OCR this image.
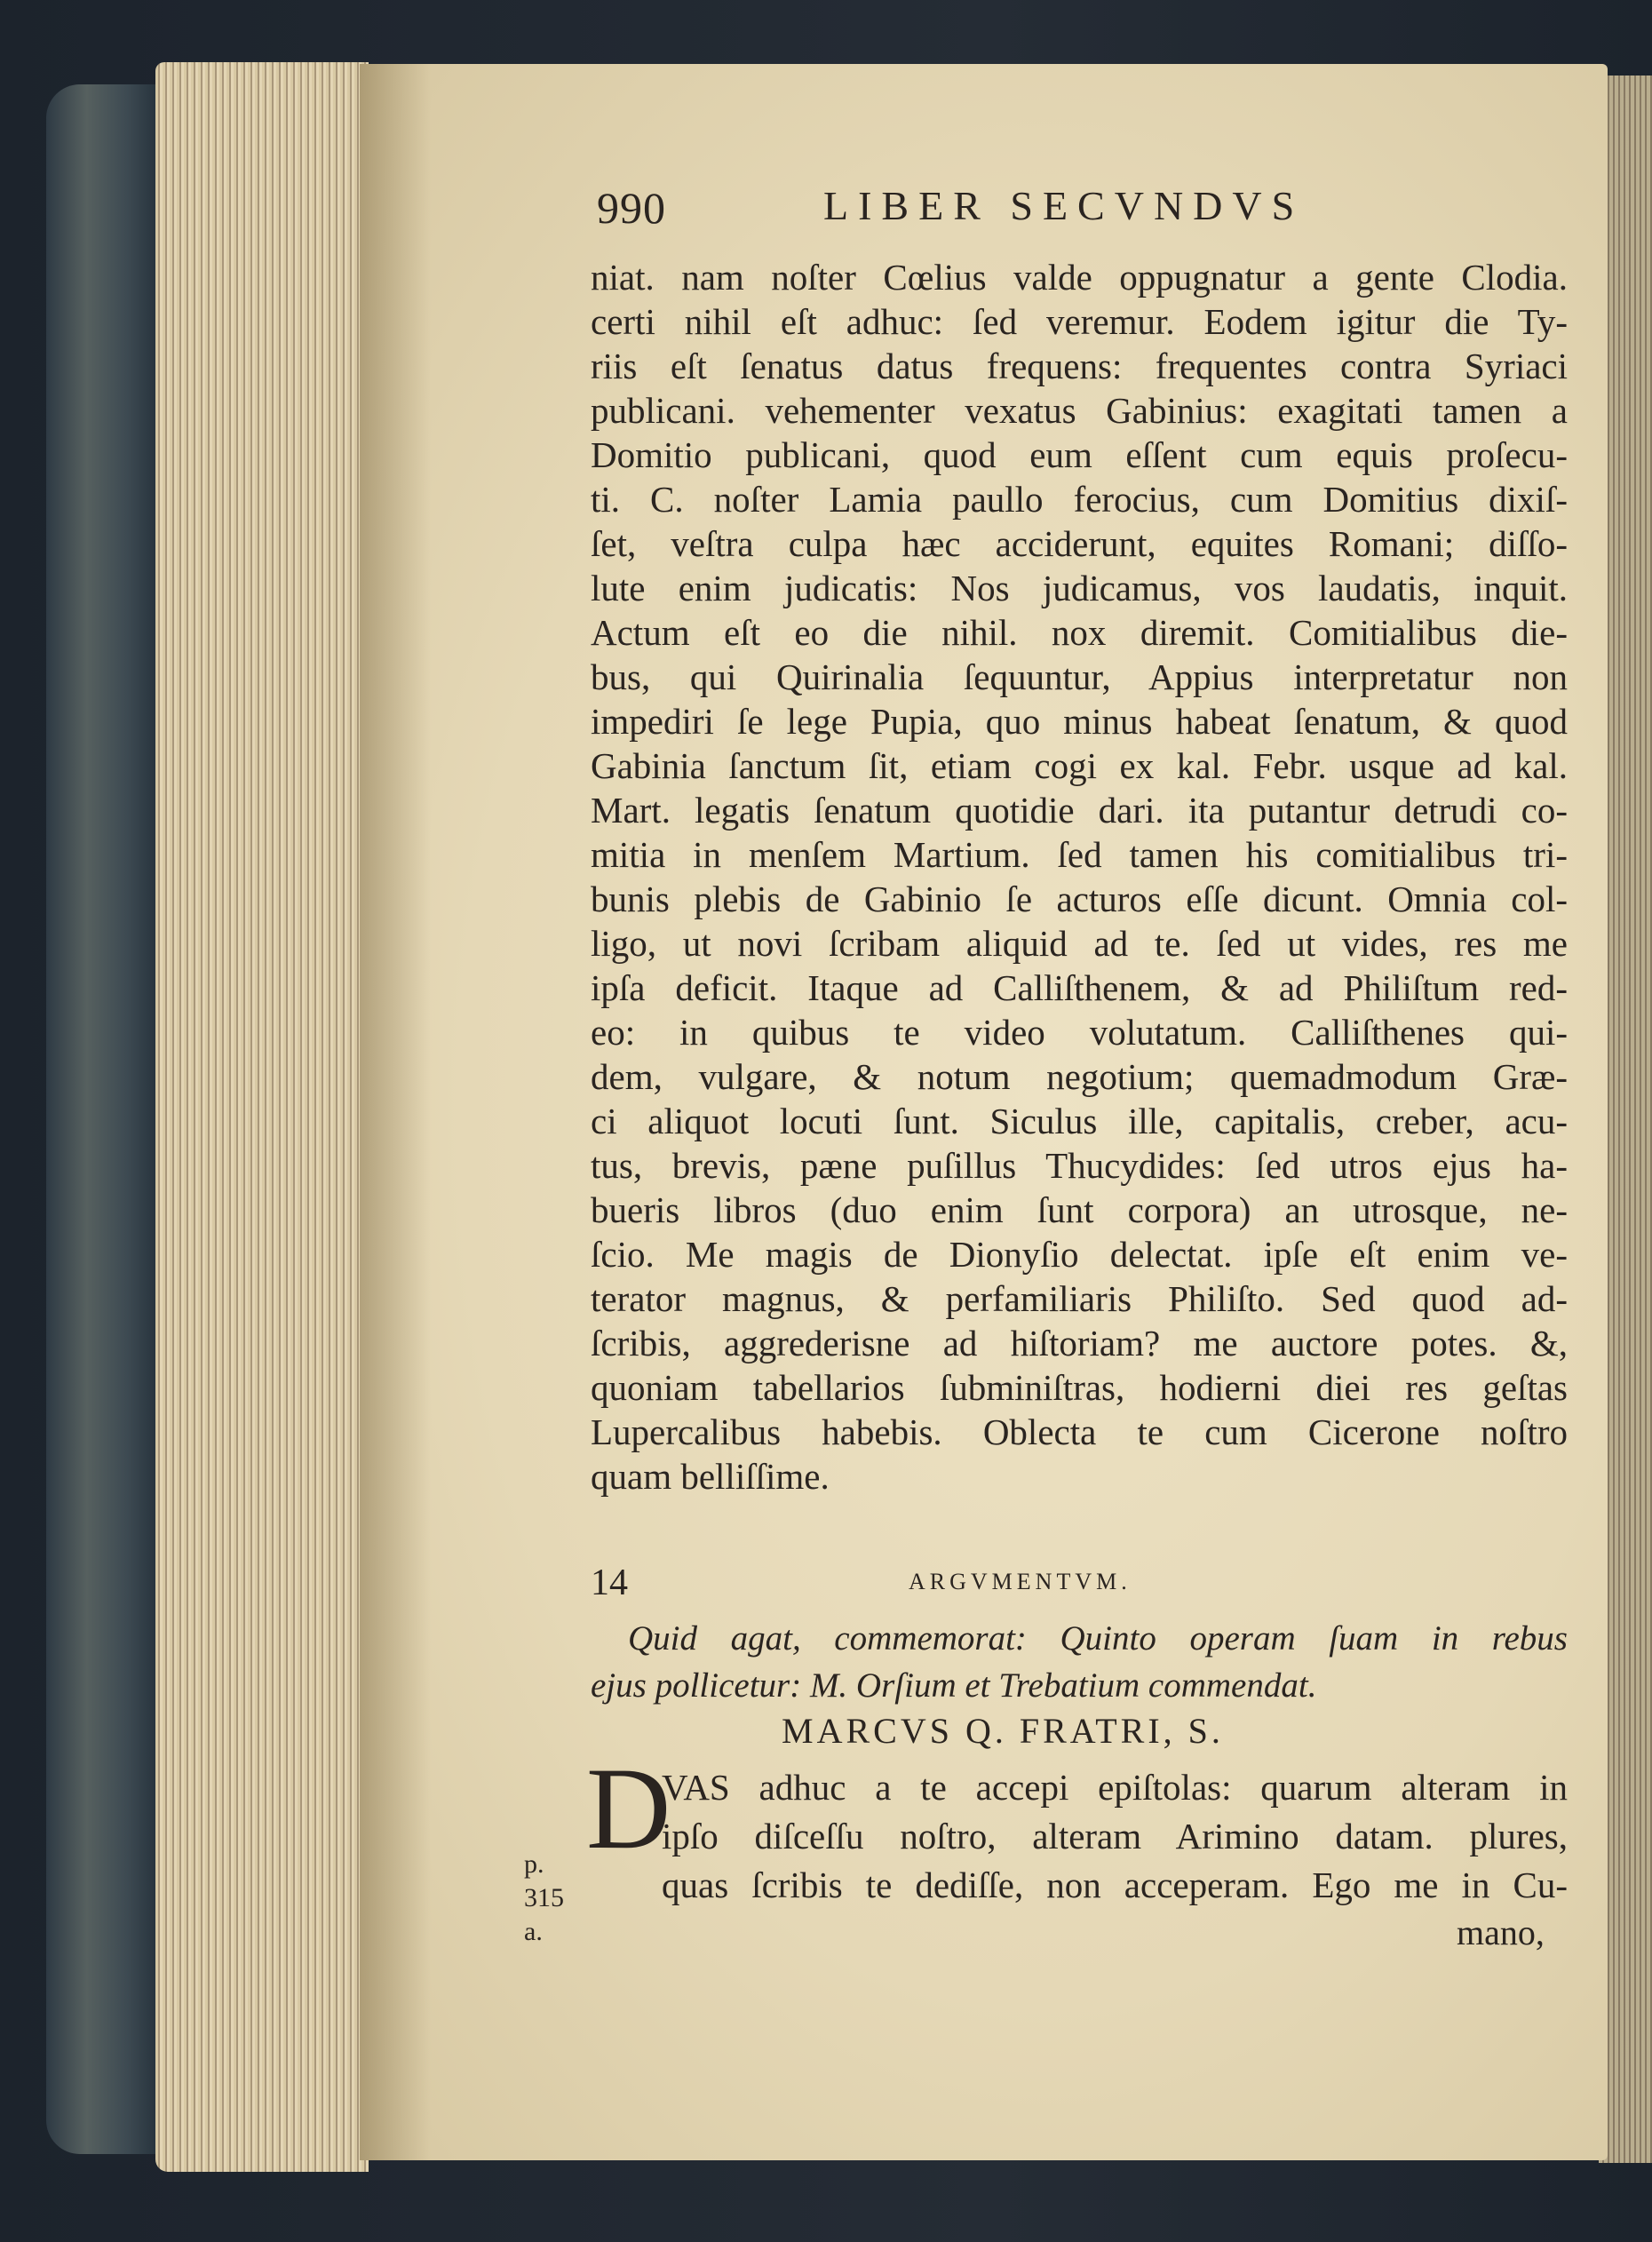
990	LIBER SECVNDVS
niat. nam noſter Cœlius valde oppugnatur a gente Clodia.
certi nihil eſt adhuc: ſed veremur. Eodem igitur die Ty-
riis eſt ſenatus datus frequens: frequentes contra Syriaci
publicani. vehementer vexatus Gabinius: exagitati tamen a
Domitio publicani, quod eum eſſent cum equis proſecu-
ti. C. noſter Lamia paullo ferocius, cum Domitius dixiſ-
ſet, veſtra culpa hæc acciderunt, equites Romani; diſſo-
lute enim judicatis: Nos judicamus, vos laudatis, inquit.
Actum eſt eo die nihil. nox diremit. Comitialibus die-
bus, qui Quirinalia ſequuntur, Appius interpretatur non
impediri ſe lege Pupia, quo minus habeat ſenatum, & quod
Gabinia ſanctum ſit, etiam cogi ex kal. Febr. usque ad kal.
Mart. legatis ſenatum quotidie dari. ita putantur detrudi co-
mitia in menſem Martium. ſed tamen his comitialibus tri-
bunis plebis de Gabinio ſe acturos eſſe dicunt. Omnia col-
ligo, ut novi ſcribam aliquid ad te. ſed ut vides, res me
ipſa deficit. Itaque ad Calliſthenem, & ad Philiſtum red-
eo: in quibus te video volutatum. Calliſthenes qui-
dem, vulgare, & notum negotium; quemadmodum Græ-
ci aliquot locuti ſunt. Siculus ille, capitalis, creber, acu-
tus, brevis, pæne puſillus Thucydides: ſed utros ejus ha-
bueris libros (duo enim ſunt corpora) an utrosque, ne-
ſcio. Me magis de Dionyſio delectat. ipſe eſt enim ve-
terator magnus, & perfamiliaris Philiſto. Sed quod ad-
ſcribis, aggrederisne ad hiſtoriam? me auctore potes. &,
quoniam tabellarios ſubminiſtras, hodierni diei res geſtas
Lupercalibus habebis. Oblecta te cum Cicerone noſtro
quam belliſſime.
14	ARGVMENTVM.
Quid agat, commemorat: Quinto operam ſuam in rebus
ejus pollicetur: M. Orſium et Trebatium commendat.
MARCVS Q. FRATRI, S.
D
VAS adhuc a te accepi epiſtolas: quarum alteram in
ipſo diſceſſu noſtro, alteram Arimino datam. plures,
quas ſcribis te dediſſe, non acceperam. Ego me in Cu-
p.
315
a.	mano,
